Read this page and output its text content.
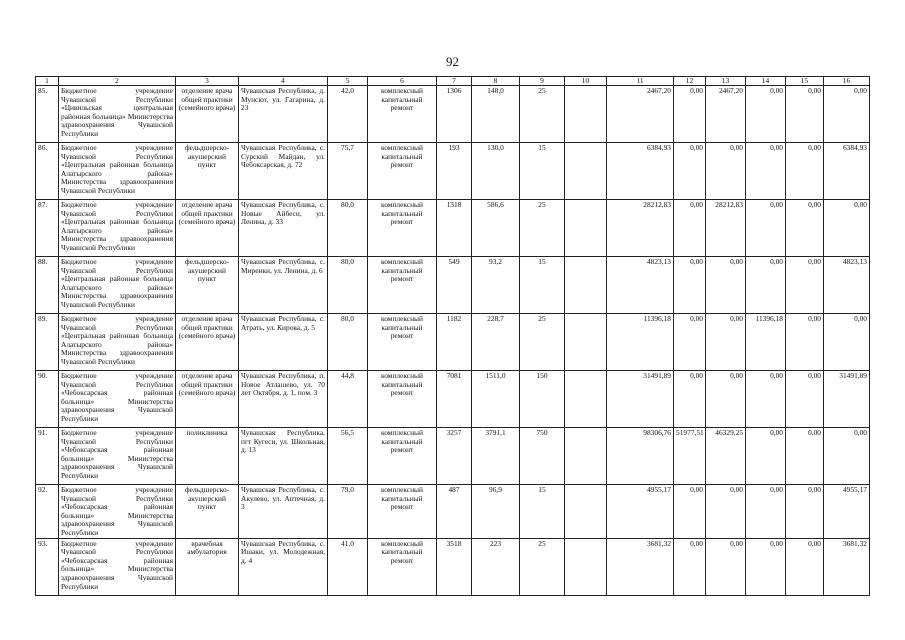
92
1	2	3	4	5	6	7	8	9	10	11	12	13	14	15	16
85.	Бюджетное учреждение Чувашской Республики «Цивильская центральная районная больница» Министерства здравоохранения Чувашской Республики	отделение врача общей практики (семейного врача)	Чувашская Республика, д. Мунсют, ул. Гагарина, д. 23	42,0	комплексный капитальный ремонт	1306	148,0	25		2467,20	0,00	2467,20	0,00	0,00	0,00
86.	Бюджетное учреждение Чувашской Республики «Центральная районная больница Алатырского района» Министерства здравоохранения Чувашской Республики	фельдшерско-акушерский пункт	Чувашская Республика, с. Сурский Майдан, ул. Чебоксарская, д. 72	75,7	комплексный капитальный ремонт	193	130,0	15		6384,93	0,00	0,00	0,00	0,00	6384,93
87.	Бюджетное учреждение Чувашской Республики «Центральная районная больница Алатырского района» Министерства здравоохранения Чувашской Республики	отделение врача общей практики (семейного врача)	Чувашская Республика, с. Новые Айбеси, ул. Ленина, д. 33	80,0	комплексный капитальный ремонт	1318	586,6	25		28212,83	0,00	28212,83	0,00	0,00	0,00
88.	Бюджетное учреждение Чувашской Республики «Центральная районная больница Алатырского района» Министерства здравоохранения Чувашской Республики	фельдшерско-акушерский пункт	Чувашская Республика, с. Миренки, ул. Ленина, д. 6	80,0	комплексный капитальный ремонт	549	93,2	15		4823,13	0,00	0,00	0,00	0,00	4823,13
89.	Бюджетное учреждение Чувашской Республики «Центральная районная больница Алатырского района» Министерства здравоохранения Чувашской Республики	отделение врача общей практики (семейного врача)	Чувашская Республика, с. Атрать, ул. Кирова, д. 5	80,0	комплексный капитальный ремонт	1182	228,7	25		11396,18	0,00	0,00	11396,18	0,00	0,00
90.	Бюджетное учреждение Чувашской Республики «Чебоксарская районная больница» Министерства здравоохранения Чувашской Республики	отделение врача общей практики (семейного врача)	Чувашская Республика, п. Новое Атлашево, ул. 70 лет Октября, д. 1, пом. 3	44,8	комплексный капитальный ремонт	7081	1511,0	150		31491,89	0,00	0,00	0,00	0,00	31491,89
91.	Бюджетное учреждение Чувашской Республики «Чебоксарская районная больница» Министерства здравоохранения Чувашской Республики	поликлиника	Чувашская Республика, пгт Кугеси, ул. Школьная, д. 13	56,5	комплексный капитальный ремонт	3257	3791,1	750		98306,76	51977,51	46329,25	0,00	0,00	0,00
92.	Бюджетное учреждение Чувашской Республики «Чебоксарская районная больница» Министерства здравоохранения Чувашской Республики	фельдшерско-акушерский пункт	Чувашская Республика, с. Акулево, ул. Аптечная, д. 3	79,0	комплексный капитальный ремонт	487	96,9	15		4955,17	0,00	0,00	0,00	0,00	4955,17
93.	Бюджетное учреждение Чувашской Республики «Чебоксарская районная больница» Министерства здравоохранения Чувашской Республики	врачебная амбулатория	Чувашская Республика, с. Ишаки, ул. Молодежная, д. 4	41,0	комплексный капитальный ремонт	3518	223	25		3681,32	0,00	0,00	0,00	0,00	3681,32
